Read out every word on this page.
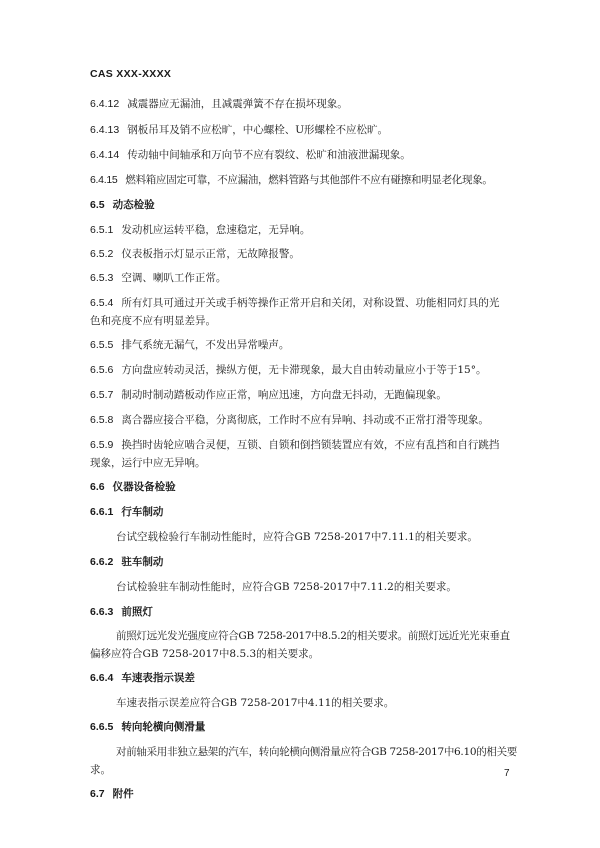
CAS XXX-XXXX
6.4.12 减震器应无漏油，且减震弹簧不存在损坏现象。
6.4.13 钢板吊耳及销不应松旷，中心螺栓、U形螺栓不应松旷。
6.4.14 传动轴中间轴承和万向节不应有裂纹、松旷和油液泄漏现象。
6.4.15 燃料箱应固定可靠，不应漏油，燃料管路与其他部件不应有碰擦和明显老化现象。
6.5 动态检验
6.5.1 发动机应运转平稳，怠速稳定，无异响。
6.5.2 仪表板指示灯显示正常，无故障报警。
6.5.3 空调、喇叭工作正常。
6.5.4 所有灯具可通过开关或手柄等操作正常开启和关闭，对称设置、功能相同灯具的光
色和亮度不应有明显差异。
6.5.5 排气系统无漏气，不发出异常噪声。
6.5.6 方向盘应转动灵活，操纵方便，无卡滞现象，最大自由转动量应小于等于15°。
6.5.7 制动时制动踏板动作应正常，响应迅速，方向盘无抖动，无跑偏现象。
6.5.8 离合器应接合平稳，分离彻底，工作时不应有异响、抖动或不正常打滑等现象。
6.5.9 换挡时齿轮应啮合灵便，互锁、自锁和倒挡锁装置应有效，不应有乱挡和自行跳挡
现象，运行中应无异响。
6.6 仪器设备检验
6.6.1 行车制动
台试空载检验行车制动性能时，应符合GB 7258-2017中7.11.1的相关要求。
6.6.2 驻车制动
台试检验驻车制动性能时，应符合GB 7258-2017中7.11.2的相关要求。
6.6.3 前照灯
前照灯远光发光强度应符合GB 7258-2017中8.5.2的相关要求。前照灯远近光光束垂直
偏移应符合GB 7258-2017中8.5.3的相关要求。
6.6.4 车速表指示误差
车速表指示误差应符合GB 7258-2017中4.11的相关要求。
6.6.5 转向轮横向侧滑量
对前轴采用非独立悬架的汽车，转向轮横向侧滑量应符合GB 7258-2017中6.10的相关要
求。
6.7 附件
7
